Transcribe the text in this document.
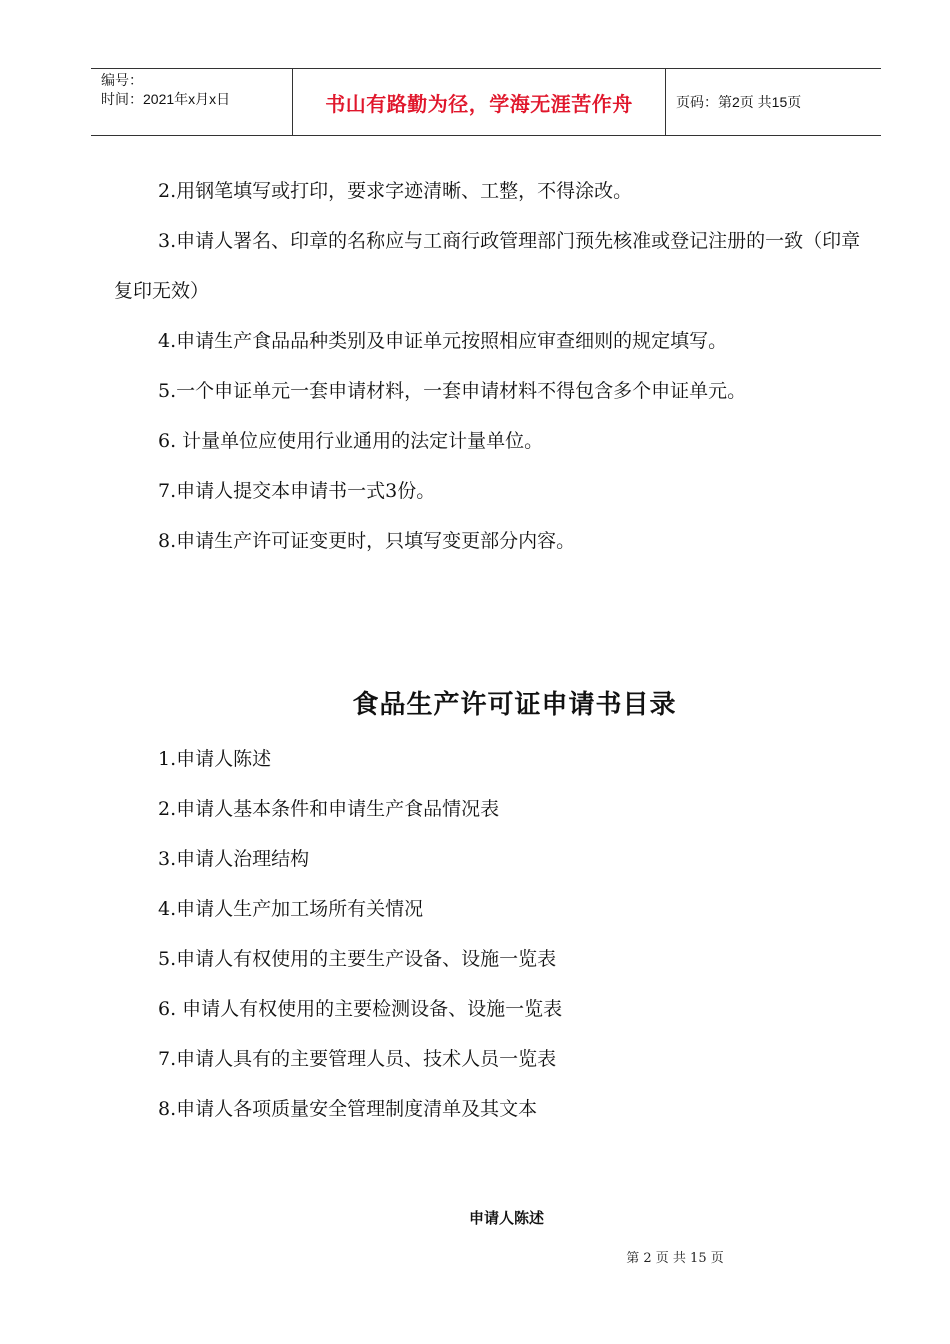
编号：
时间：2021年x月x日	书山有路勤为径，学海无涯苦作舟	页码：第2页 共15页

2.用钢笔填写或打印，要求字迹清晰、工整，不得涂改。

3.申请人署名、印章的名称应与工商行政管理部门预先核准或登记注册的一致（印章复印无效）

4.申请生产食品品种类别及申证单元按照相应审查细则的规定填写。

5.一个申证单元一套申请材料，一套申请材料不得包含多个申证单元。

6. 计量单位应使用行业通用的法定计量单位。

7.申请人提交本申请书一式3份。

8.申请生产许可证变更时，只填写变更部分内容。

食品生产许可证申请书目录

1.申请人陈述

2.申请人基本条件和申请生产食品情况表

3.申请人治理结构

4.申请人生产加工场所有关情况

5.申请人有权使用的主要生产设备、设施一览表

6. 申请人有权使用的主要检测设备、设施一览表

7.申请人具有的主要管理人员、技术人员一览表

8.申请人各项质量安全管理制度清单及其文本

申请人陈述
第 2 页 共 15 页
